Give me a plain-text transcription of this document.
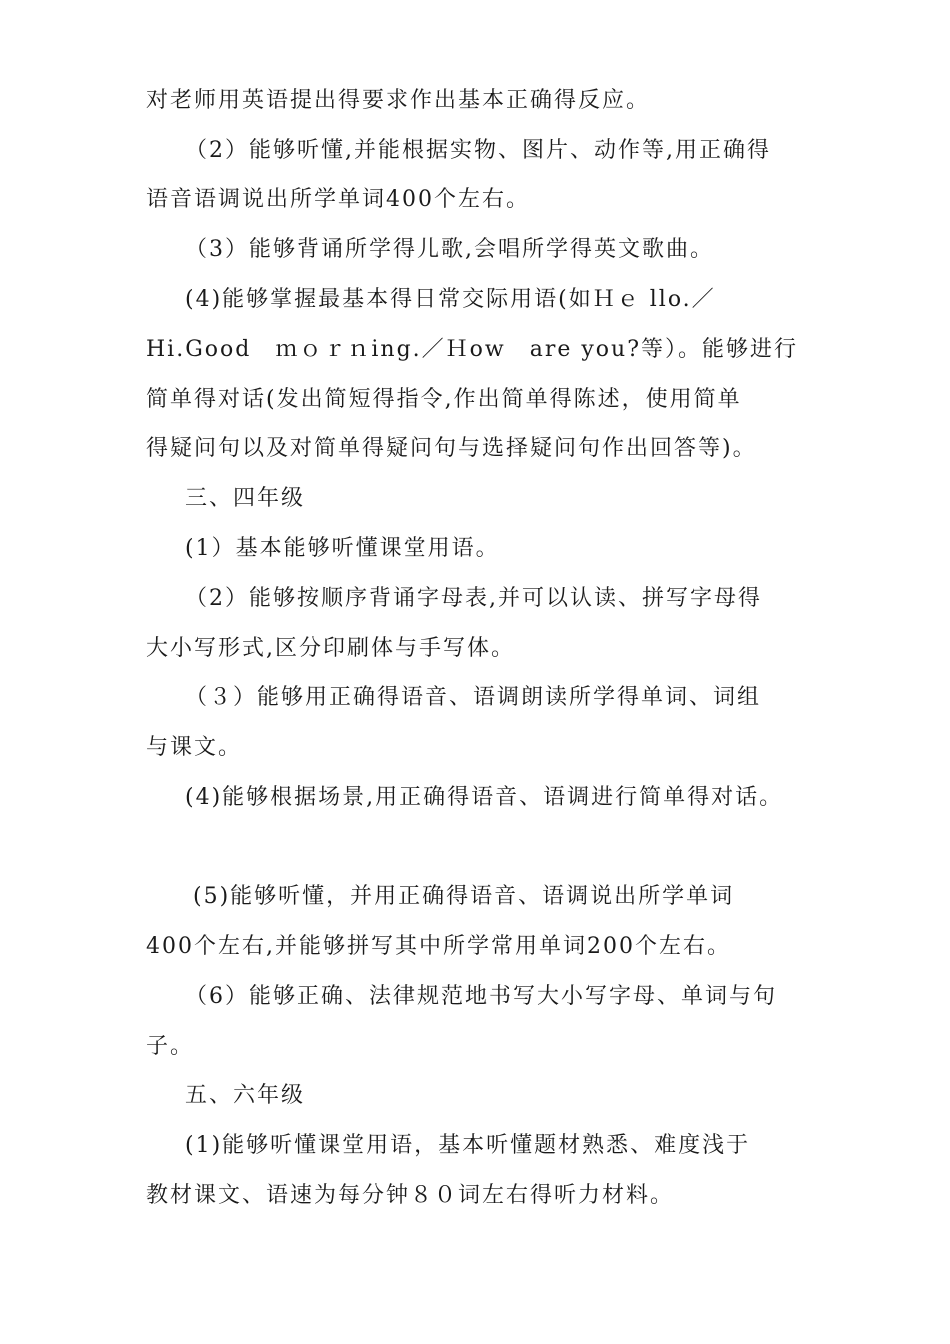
对老师用英语提出得要求作出基本正确得反应。
（2）能够听懂,并能根据实物、图片、动作等,用正确得
语音语调说出所学单词400个左右。
（3）能够背诵所学得儿歌,会唱所学得英文歌曲。
(4)能够掌握最基本得日常交际用语(如Ｈｅ llo.／
Hi.Good　ｍｏｒｎing.／Ｈow　are you?等）。能够进行
简单得对话(发出简短得指令,作出简单得陈述，使用简单
得疑问句以及对简单得疑问句与选择疑问句作出回答等)。
三、四年级
(1）基本能够听懂课堂用语。
（2）能够按顺序背诵字母表,并可以认读、拼写字母得
大小写形式,区分印刷体与手写体。
（３）能够用正确得语音、语调朗读所学得单词、词组
与课文。
(4)能够根据场景,用正确得语音、语调进行简单得对话。
(5)能够听懂，并用正确得语音、语调说出所学单词
400个左右,并能够拼写其中所学常用单词200个左右。
（6）能够正确、法律规范地书写大小写字母、单词与句
子。
五、六年级
(1)能够听懂课堂用语，基本听懂题材熟悉、难度浅于
教材课文、语速为每分钟８０词左右得听力材料。
